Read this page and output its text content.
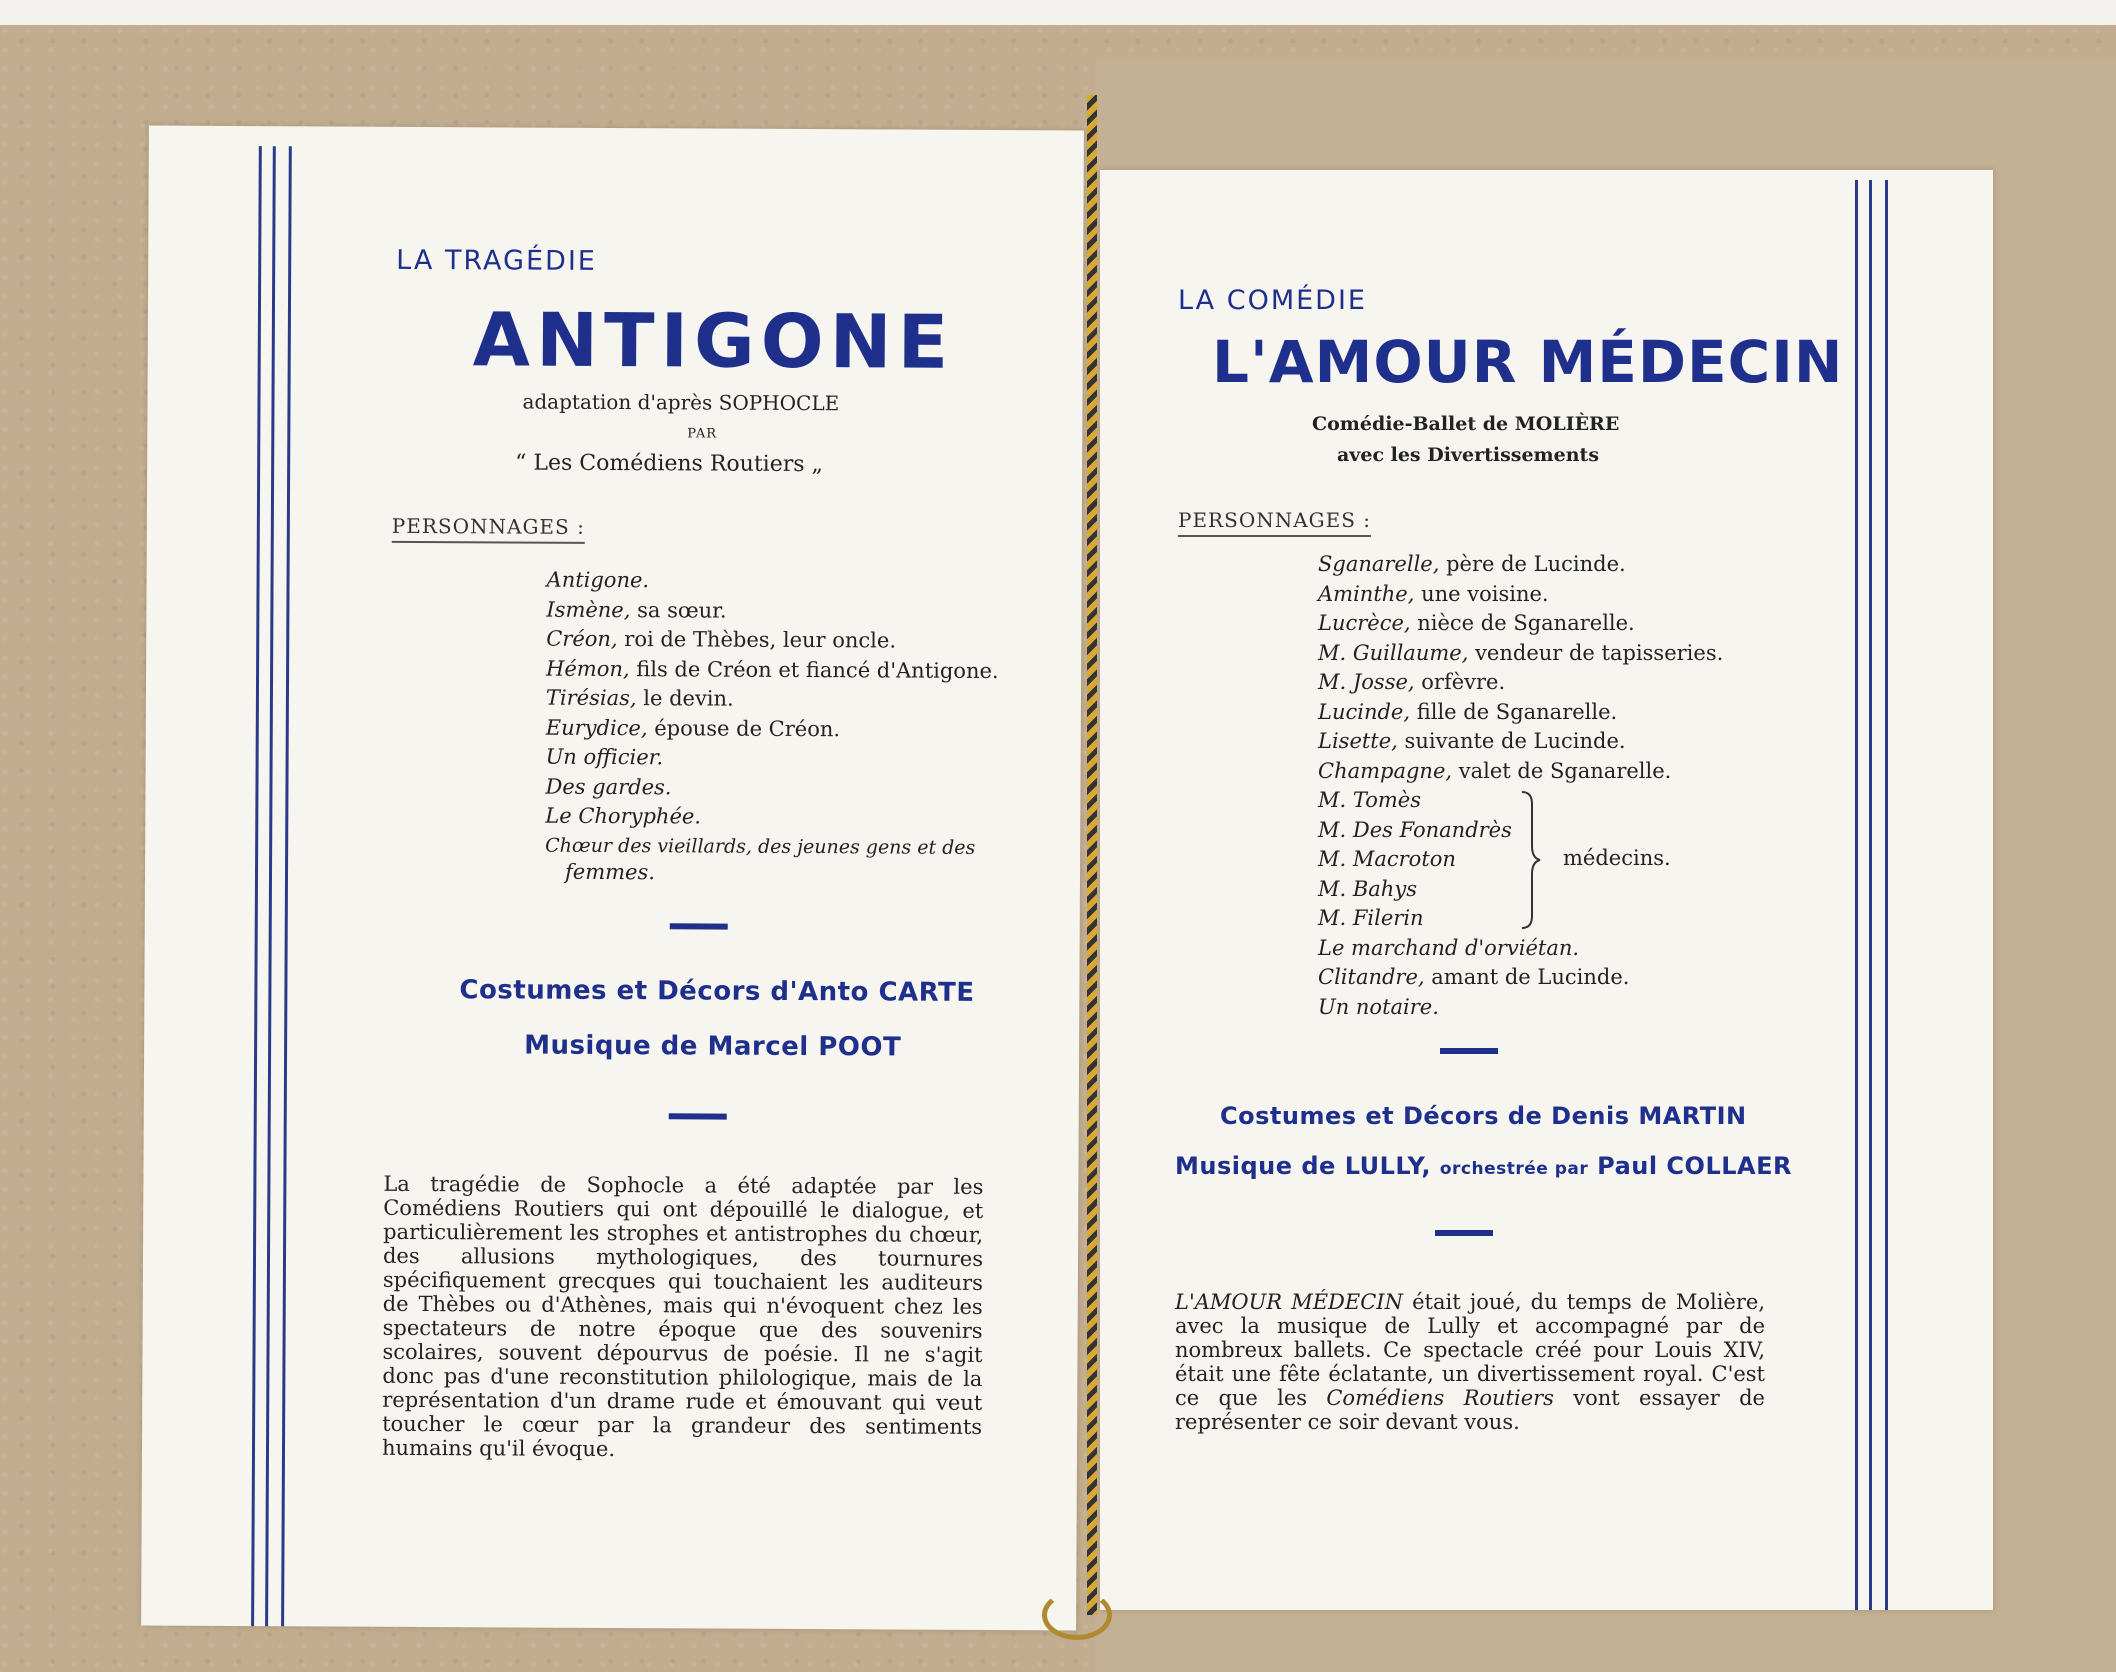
LA TRAGÉDIE
ANTIGONE
adaptation d'après SOPHOCLE
PAR
“ Les Comédiens Routiers „
PERSONNAGES :
Antigone.
Ismène, sa sœur.
Créon, roi de Thèbes, leur oncle.
Hémon, fils de Créon et fiancé d'Antigone.
Tirésias, le devin.
Eurydice, épouse de Créon.
Un officier.
Des gardes.
Le Choryphée.
Chœur des vieillards, des jeunes gens et des
femmes.
Costumes et Décors d'Anto CARTE
Musique de Marcel POOT
La tragédie de Sophocle a été adaptée par les Comédiens Routiers qui ont dépouillé le dialogue, et particulièrement les strophes et antistrophes du chœur, des allusions mythologiques, des tournures spécifiquement grecques qui touchaient les auditeurs de Thèbes ou d'Athènes, mais qui n'évoquent chez les spectateurs de notre époque que des souvenirs scolaires, souvent dépourvus de poésie. Il ne s'agit donc pas d'une reconstitution philologique, mais de la représentation d'un drame rude et émouvant qui veut toucher le cœur par la grandeur des sentiments humains qu'il évoque.
LA COMÉDIE
L'AMOUR MÉDECIN
Comédie-Ballet de MOLIÈRE
avec les Divertissements
PERSONNAGES :
Sganarelle, père de Lucinde.
Aminthe, une voisine.
Lucrèce, nièce de Sganarelle.
M. Guillaume, vendeur de tapisseries.
M. Josse, orfèvre.
Lucinde, fille de Sganarelle.
Lisette, suivante de Lucinde.
Champagne, valet de Sganarelle.
M. Tomès
M. Des Fonandrès
M. Macroton
M. Bahys
M. Filerin
médecins.
Le marchand d'orviétan.
Clitandre, amant de Lucinde.
Un notaire.
Costumes et Décors de Denis MARTIN
Musique de LULLY, orchestrée par Paul COLLAER
L'AMOUR MÉDECIN était joué, du temps de Molière, avec la musique de Lully et accompagné par de nombreux ballets. Ce spectacle créé pour Louis XIV, était une fête éclatante, un divertissement royal. C'est ce que les Comédiens Routiers vont essayer de représenter ce soir devant vous.
